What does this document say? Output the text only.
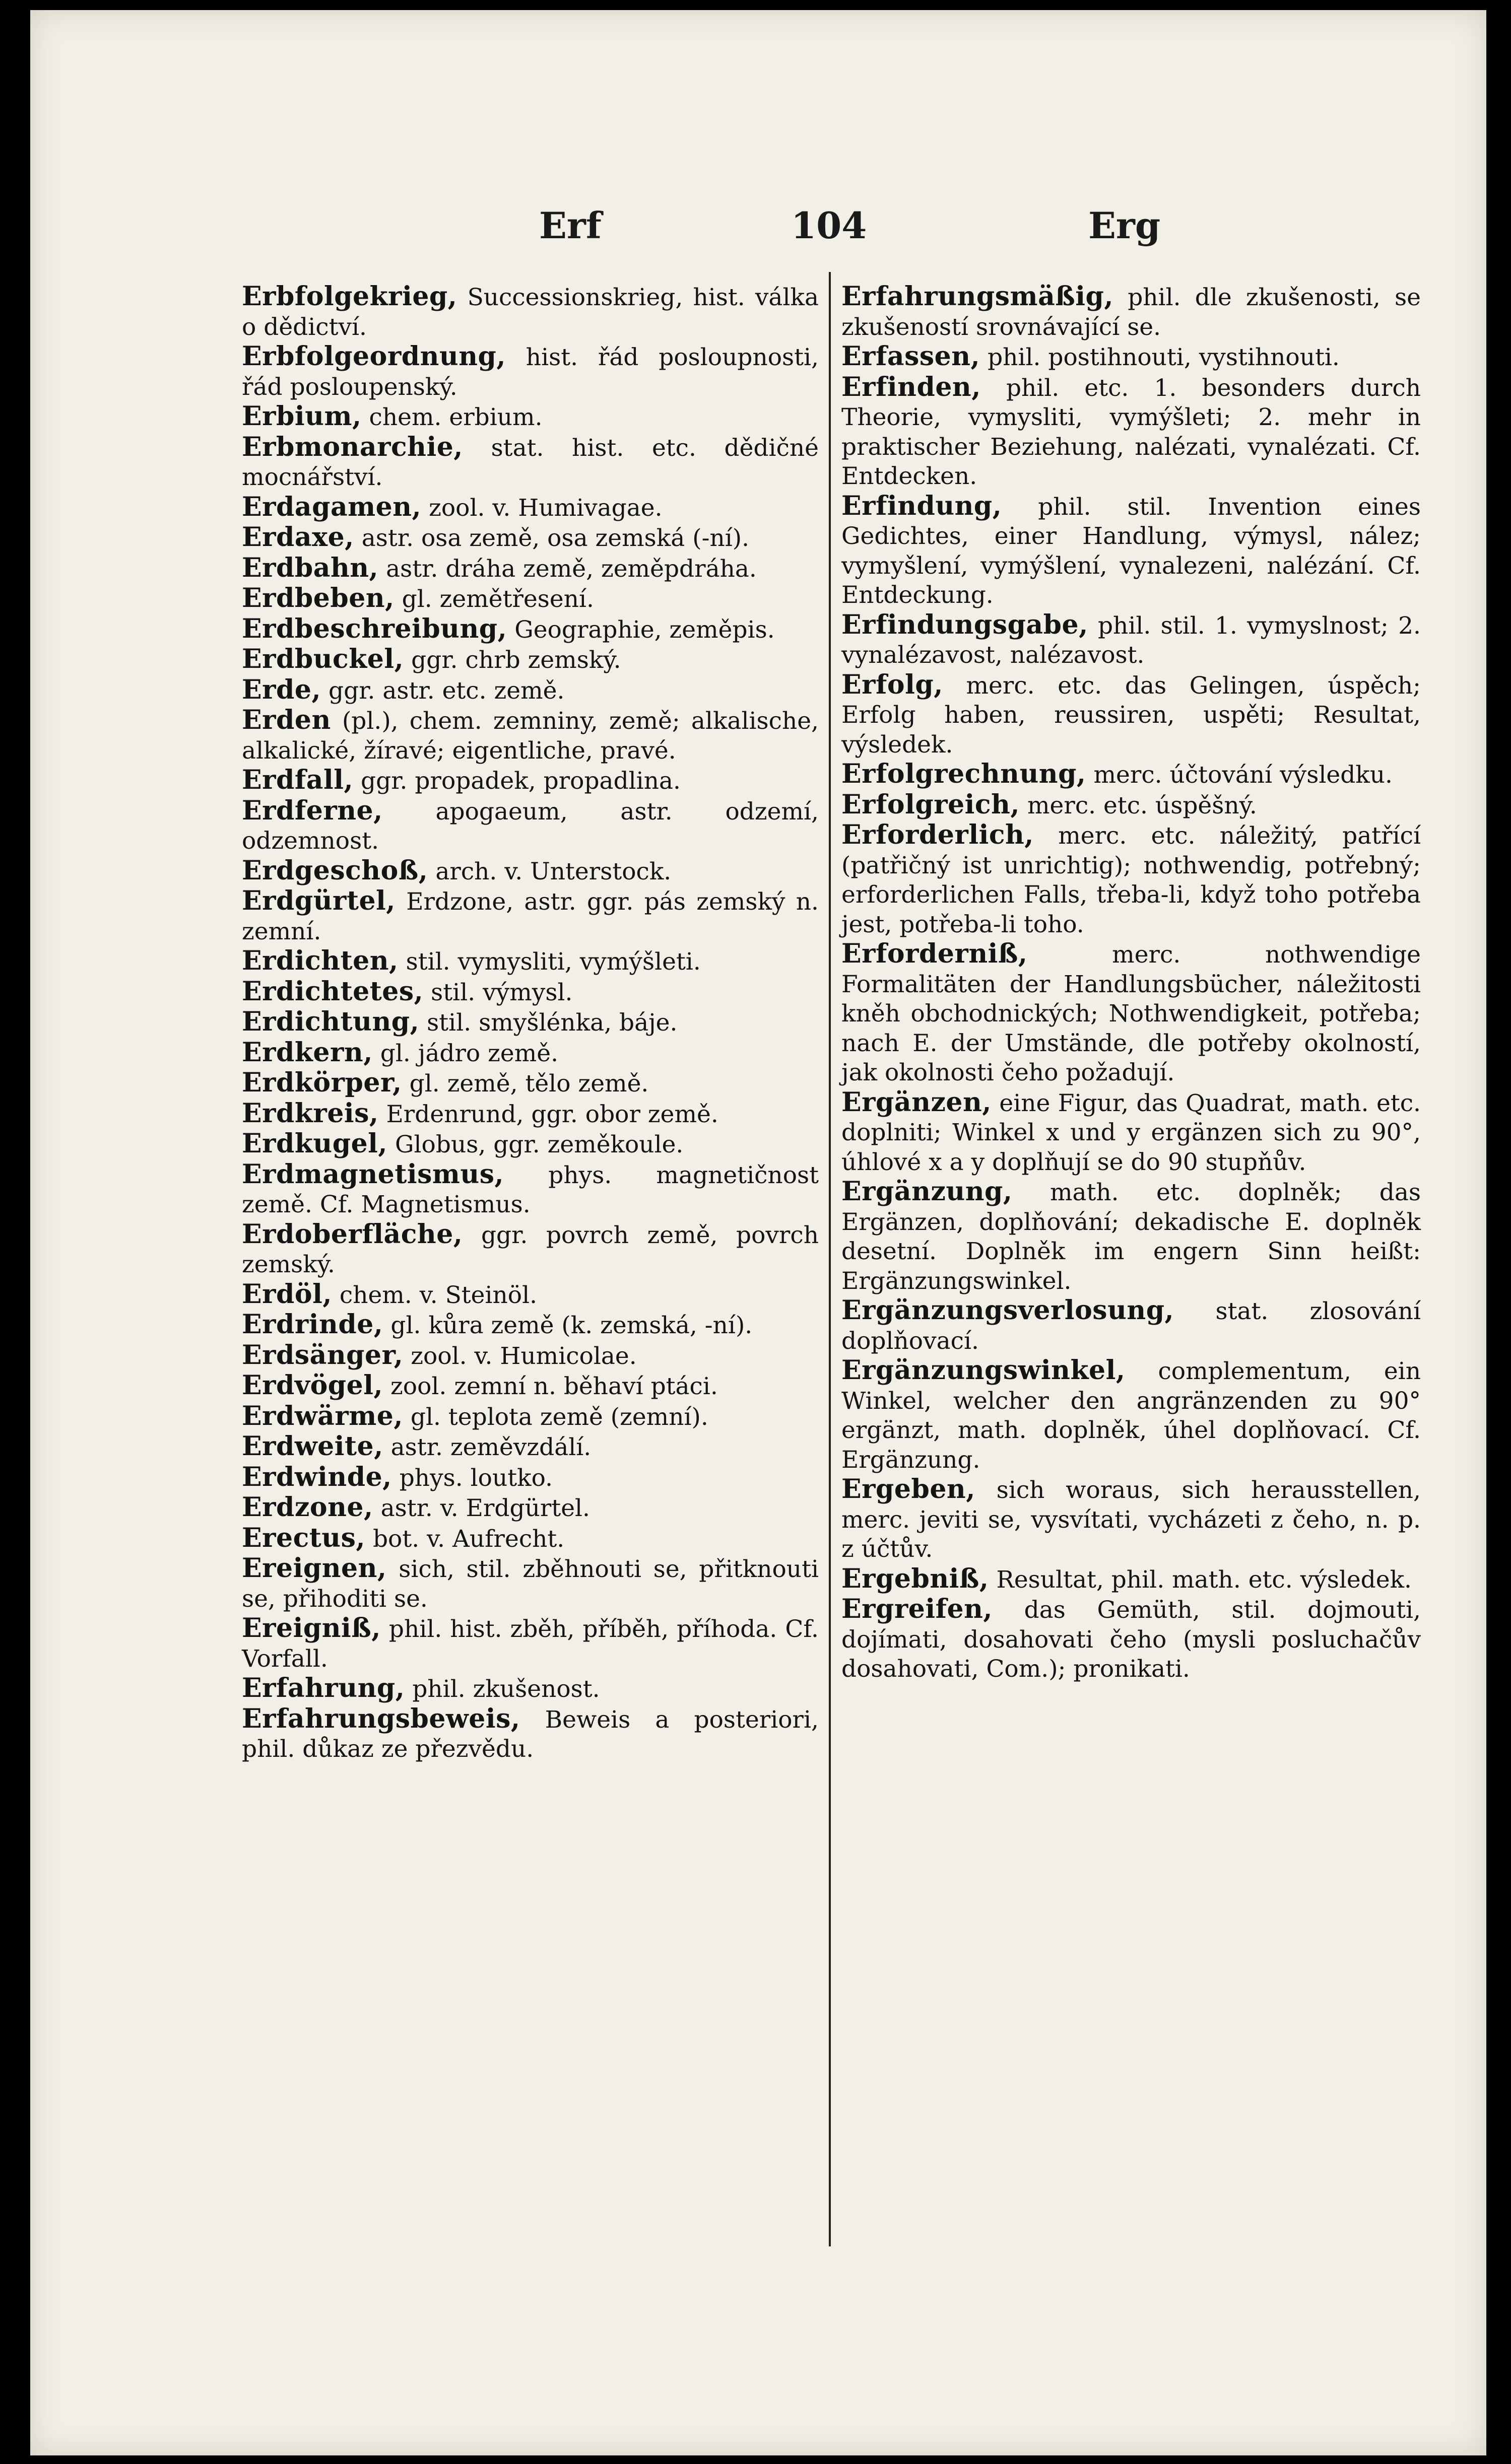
Erf	104	Erg

Erbfolgekrieg, Successionskrieg, hist. válka o dědictví.

Erbfolgeordnung, hist. řád posloupnosti, řád posloupenský.

Erbium, chem. erbium.

Erbmonarchie, stat. hist. etc. dědičné mocnářství.

Erdagamen, zool. v. Humivagae.

Erdaxe, astr. osa země, osa zemská (-ní).

Erdbahn, astr. dráha země, zeměpdráha.

Erdbeben, gl. zemětřesení.

Erdbeschreibung, Geographie, zeměpis.

Erdbuckel, ggr. chrb zemský.

Erde, ggr. astr. etc. země.

Erden (pl.), chem. zemniny, země; alkalische, alkalické, žíravé; eigentliche, pravé.

Erdfall, ggr. propadek, propadlina.

Erdferne, apogaeum, astr. odzemí, odzemnost.

Erdgeschoß, arch. v. Unterstock.

Erdgürtel, Erdzone, astr. ggr. pás zemský n. zemní.

Erdichten, stil. vymysliti, vymýšleti.

Erdichtetes, stil. výmysl.

Erdichtung, stil. smyšlénka, báje.

Erdkern, gl. jádro země.

Erdkörper, gl. země, tělo země.

Erdkreis, Erdenrund, ggr. obor země.

Erdkugel, Globus, ggr. zeměkoule.

Erdmagnetismus, phys. magnetičnost země. Cf. Magnetismus.

Erdoberfläche, ggr. povrch země, povrch zemský.

Erdöl, chem. v. Steinöl.

Erdrinde, gl. kůra země (k. zemská, -ní).

Erdsänger, zool. v. Humicolae.

Erdvögel, zool. zemní n. běhaví ptáci.

Erdwärme, gl. teplota země (zemní).

Erdweite, astr. zeměvzdálí.

Erdwinde, phys. loutko.

Erdzone, astr. v. Erdgürtel.

Erectus, bot. v. Aufrecht.

Ereignen, sich, stil. zběhnouti se, přitknouti se, přihoditi se.

Ereigniß, phil. hist. zběh, příběh, příhoda. Cf. Vorfall.

Erfahrung, phil. zkušenost.

Erfahrungsbeweis, Beweis a posteriori, phil. důkaz ze přezvědu.

Erfahrungsmäßig, phil. dle zkušenosti, se zkušeností srovnávající se.

Erfassen, phil. postihnouti, vystihnouti.

Erfinden, phil. etc. 1. besonders durch Theorie, vymysliti, vymýšleti; 2. mehr in praktischer Beziehung, nalézati, vynalézati. Cf. Entdecken.

Erfindung, phil. stil. Invention eines Gedichtes, einer Handlung, výmysl, nález; vymyšlení, vymýšlení, vynalezeni, nalézání. Cf. Entdeckung.

Erfindungsgabe, phil. stil. 1. vymyslnost; 2. vynalézavost, nalézavost.

Erfolg, merc. etc. das Gelingen, úspěch; Erfolg haben, reussiren, uspěti; Resultat, výsledek.

Erfolgrechnung, merc. účtování výsledku.

Erfolgreich, merc. etc. úspěšný.

Erforderlich, merc. etc. náležitý, patřící (patřičný ist unrichtig); nothwendig, potřebný; erforderlichen Falls, třeba-li, když toho potřeba jest, potřeba-li toho.

Erforderniß,	merc. nothwendige Formalitäten der Handlungsbücher, náležitosti kněh obchodnických; Nothwendigkeit, potřeba; nach E. der Umstände, dle potřeby okolností, jak okolnosti čeho požadují.

Ergänzen, eine Figur, das Quadrat, math. etc. doplniti; Winkel x und y ergänzen sich zu 90°, úhlové x a y doplňují se do 90 stupňův.

Ergänzung, math. etc. doplněk; das Ergänzen, doplňování; dekadische E. doplněk desetní. Doplněk im engern Sinn heißt: Ergänzungswinkel.

Ergänzungsverlosung, stat. zlosování doplňovací.

Ergänzungswinkel, complementum, ein Winkel, welcher den angränzenden zu 90° ergänzt, math. doplněk, úhel doplňovací. Cf. Ergänzung.

Ergeben, sich woraus, sich herausstellen, merc. jeviti se, vysvítati, vycházeti z čeho, n. p. z účtův.

Ergebniß, Resultat, phil. math. etc. výsledek.

Ergreifen, das Gemüth, stil. dojmouti, dojímati, dosahovati čeho (mysli posluchačův dosahovati, Com.); pronikati.
